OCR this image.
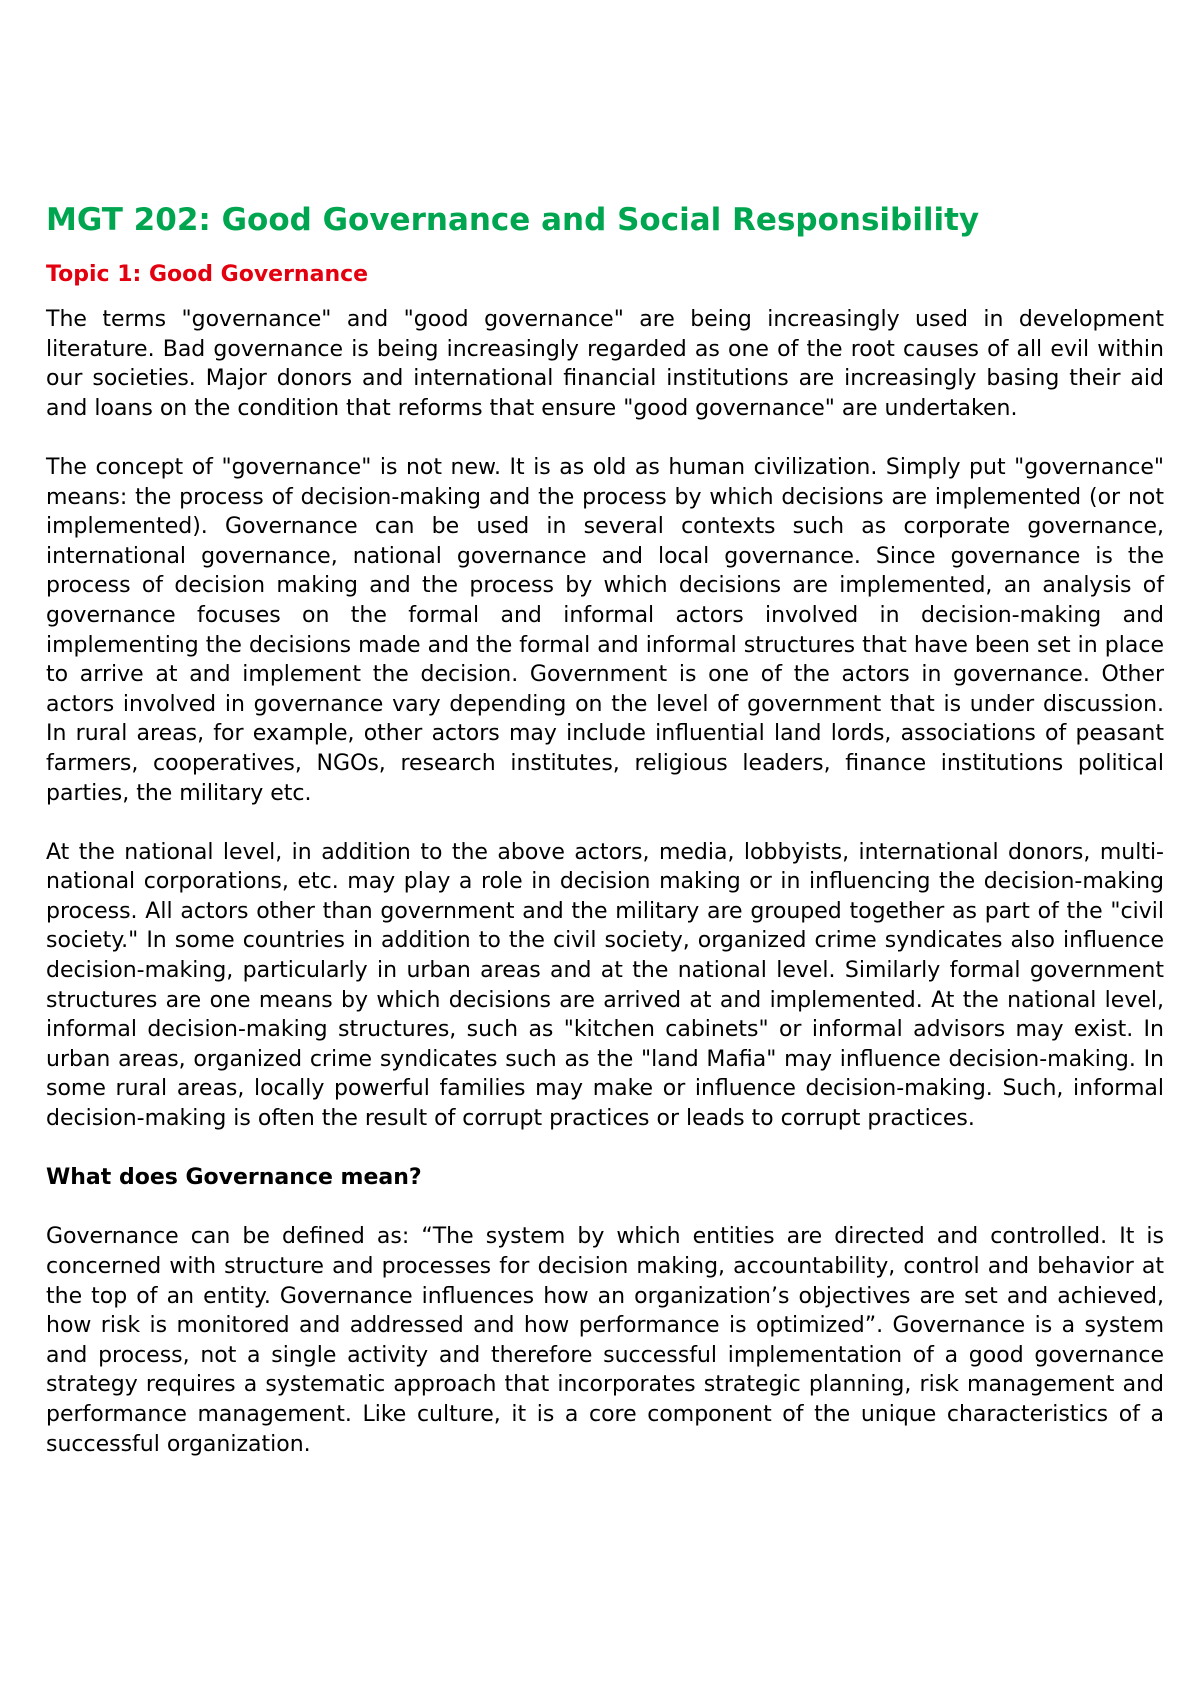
MGT 202: Good Governance and Social Responsibility
Topic 1: Good Governance

The terms "governance" and "good governance" are being increasingly used in development literature. Bad governance is being increasingly regarded as one of the root causes of all evil within our societies. Major donors and international financial institutions are increasingly basing their aid and loans on the condition that reforms that ensure "good governance" are undertaken.

The concept of "governance" is not new. It is as old as human civilization. Simply put "governance" means: the process of decision-making and the process by which decisions are implemented (or not implemented). Governance can be used in several contexts such as corporate governance, international governance, national governance and local governance. Since governance is the process of decision making and the process by which decisions are implemented, an analysis of governance focuses on the formal and informal actors involved in decision-making and implementing the decisions made and the formal and informal structures that have been set in place to arrive at and implement the decision. Government is one of the actors in governance. Other actors involved in governance vary depending on the level of government that is under discussion. In rural areas, for example, other actors may include influential land lords, associations of peasant farmers, cooperatives, NGOs, research institutes, religious leaders, finance institutions political parties, the military etc.

At the national level, in addition to the above actors, media, lobbyists, international donors, multi-national corporations, etc. may play a role in decision making or in influencing the decision-making process. All actors other than government and the military are grouped together as part of the "civil society." In some countries in addition to the civil society, organized crime syndicates also influence decision-making, particularly in urban areas and at the national level. Similarly formal government structures are one means by which decisions are arrived at and implemented. At the national level, informal decision-making structures, such as "kitchen cabinets" or informal advisors may exist. In urban areas, organized crime syndicates such as the "land Mafia" may influence decision-making. In some rural areas, locally powerful families may make or influence decision-making. Such, informal decision-making is often the result of corrupt practices or leads to corrupt practices.

What does Governance mean?

Governance can be defined as: “The system by which entities are directed and controlled. It is concerned with structure and processes for decision making, accountability, control and behavior at the top of an entity. Governance influences how an organization’s objectives are set and achieved, how risk is monitored and addressed and how performance is optimized”. Governance is a system and process, not a single activity and therefore successful implementation of a good governance strategy requires a systematic approach that incorporates strategic planning, risk management and performance management. Like culture, it is a core component of the unique characteristics of a successful organization.
